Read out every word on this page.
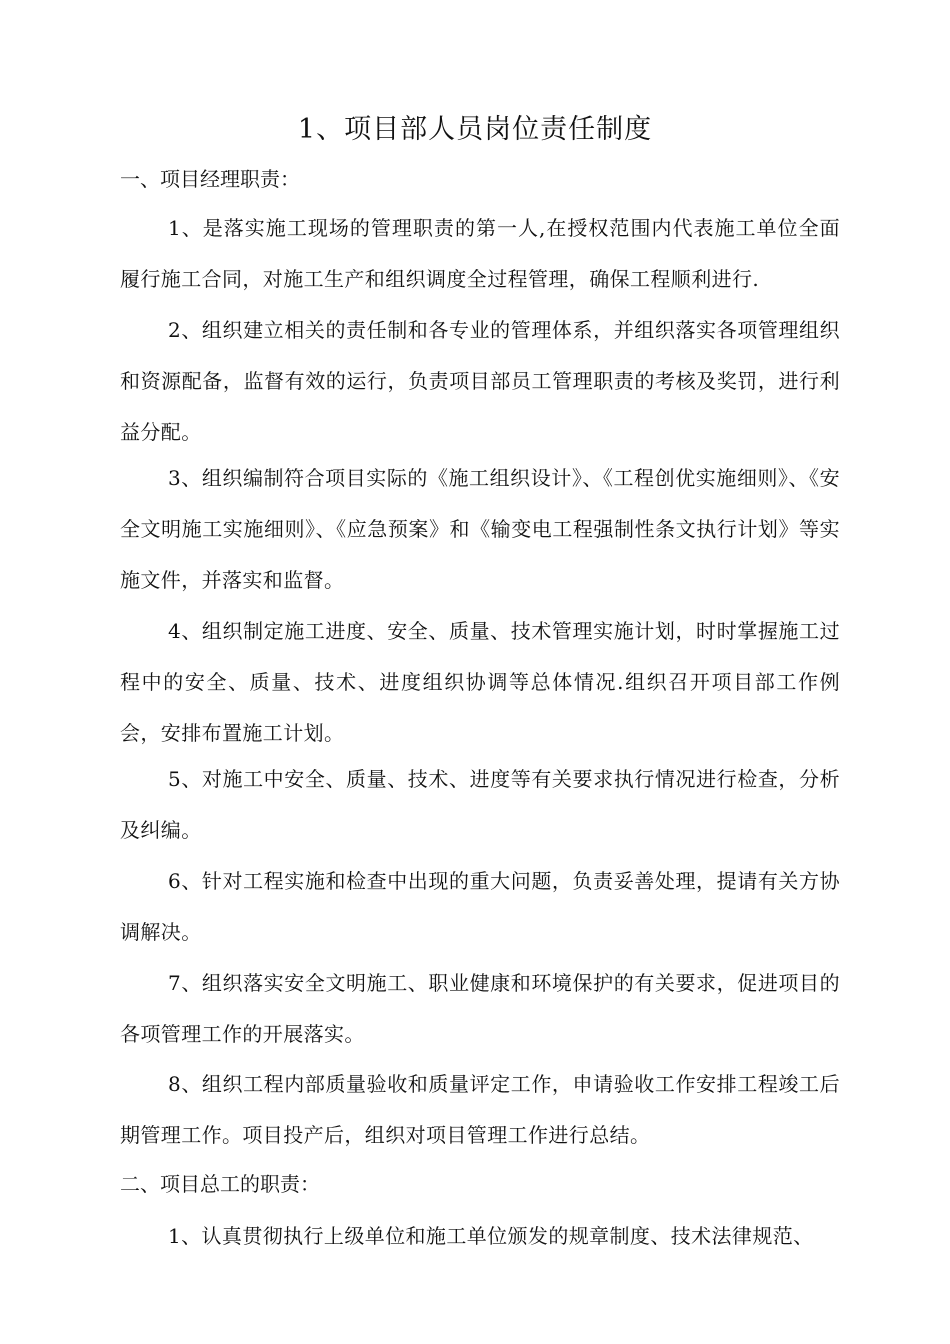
1、项目部人员岗位责任制度

一、项目经理职责：

1、是落实施工现场的管理职责的第一人,在授权范围内代表施工单位全面履行施工合同，对施工生产和组织调度全过程管理，确保工程顺利进行.

2、组织建立相关的责任制和各专业的管理体系，并组织落实各项管理组织和资源配备，监督有效的运行，负责项目部员工管理职责的考核及奖罚，进行利益分配。

3、组织编制符合项目实际的《施工组织设计》、《工程创优实施细则》、《安全文明施工实施细则》、《应急预案》和《输变电工程强制性条文执行计划》等实施文件，并落实和监督。

4、组织制定施工进度、安全、质量、技术管理实施计划，时时掌握施工过程中的安全、质量、技术、进度组织协调等总体情况.组织召开项目部工作例会，安排布置施工计划。

5、对施工中安全、质量、技术、进度等有关要求执行情况进行检查，分析及纠编。

6、针对工程实施和检查中出现的重大问题，负责妥善处理，提请有关方协调解决。

7、组织落实安全文明施工、职业健康和环境保护的有关要求，促进项目的各项管理工作的开展落实。

8、组织工程内部质量验收和质量评定工作，申请验收工作安排工程竣工后期管理工作。项目投产后，组织对项目管理工作进行总结。

二、项目总工的职责：

1、认真贯彻执行上级单位和施工单位颁发的规章制度、技术法律规范、
